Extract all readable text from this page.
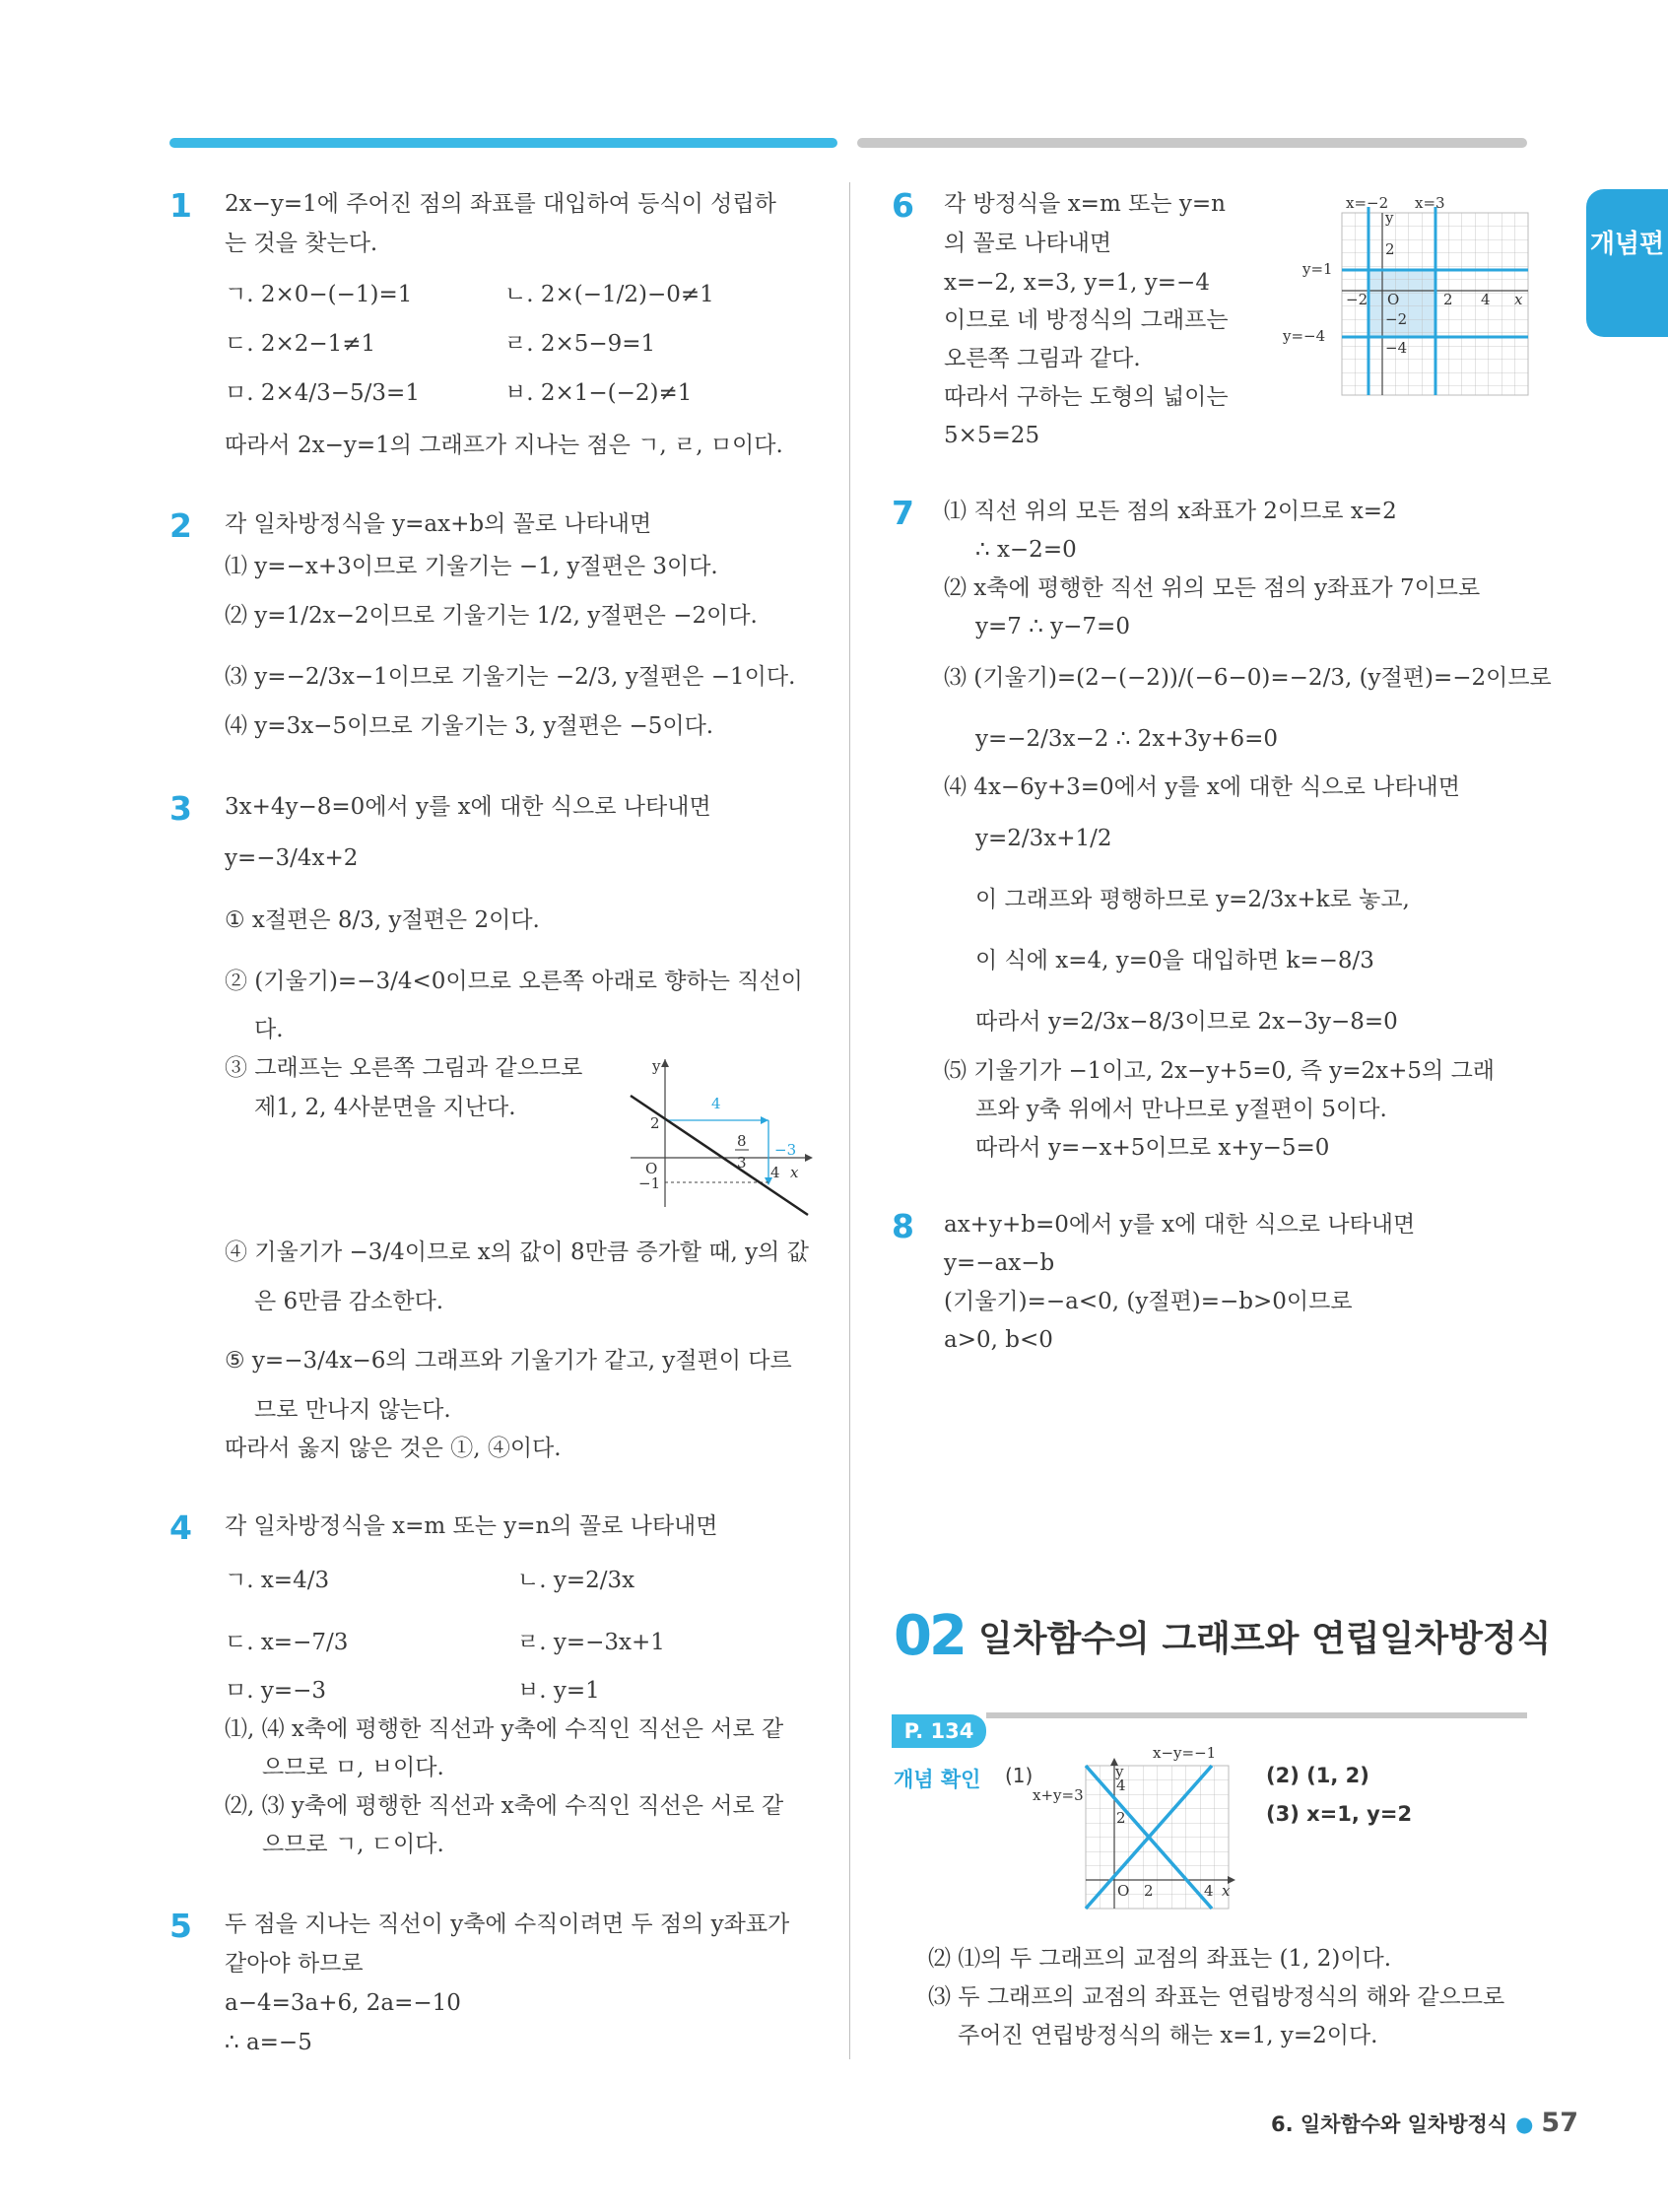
개념편
1 2x−y=1에 주어진 점의 좌표를 대입하여 등식이 성립하
는 것을 찾는다.
ㄱ. 2×0−(−1)=1	ㄴ. 2×(−1/2)−0≠1
ㄷ. 2×2−1≠1	ㄹ. 2×5−9=1
ㅁ. 2×4/3−5/3=1	ㅂ. 2×1−(−2)≠1
따라서 2x−y=1의 그래프가 지나는 점은 ㄱ, ㄹ, ㅁ이다.
2 각 일차방정식을 y=ax+b의 꼴로 나타내면
⑴ y=−x+3이므로 기울기는 −1, y절편은 3이다.
⑵ y=1/2x−2이므로 기울기는 1/2, y절편은 −2이다.
⑶ y=−2/3x−1이므로 기울기는 −2/3, y절편은 −1이다.
⑷ y=3x−5이므로 기울기는 3, y절편은 −5이다.
3 3x+4y−8=0에서 y를 x에 대한 식으로 나타내면
y=−3/4x+2
① x절편은 8/3, y절편은 2이다.
② (기울기)=−3/4<0이므로 오른쪽 아래로 향하는 직선이
다.
③ 그래프는 오른쪽 그림과 같으므로
제1, 2, 4사분면을 지난다.
y
O
2
−1
4
8
3
−3
4 x
④ 기울기가 −3/4이므로 x의 값이 8만큼 증가할 때, y의 값
은 6만큼 감소한다.
⑤ y=−3/4x−6의 그래프와 기울기가 같고, y절편이 다르
므로 만나지 않는다.
따라서 옳지 않은 것은 ①, ④이다.
4 각 일차방정식을 x=m 또는 y=n의 꼴로 나타내면
ㄱ. x=4/3	ㄴ. y=2/3x
ㄷ. x=−7/3	ㄹ. y=−3x+1
ㅁ. y=−3	ㅂ. y=1
⑴, ⑷ x축에 평행한 직선과 y축에 수직인 직선은 서로 같
으므로 ㅁ, ㅂ이다.
⑵, ⑶ y축에 평행한 직선과 x축에 수직인 직선은 서로 같
으므로 ㄱ, ㄷ이다.
5 두 점을 지나는 직선이 y축에 수직이려면 두 점의 y좌표가
같아야 하므로
a−4=3a+6, 2a=−10
∴ a=−5
6 각 방정식을 x=m 또는 y=n
의 꼴로 나타내면
x=−2, x=3, y=1, y=−4
이므로 네 방정식의 그래프는
오른쪽 그림과 같다.
따라서 구하는 도형의 넓이는
5×5=25
x=−2 x=3
y
y=1
y=−4
2
−2 O	2 4 x
−2
−4
7 ⑴ 직선 위의 모든 점의 x좌표가 2이므로 x=2
∴ x−2=0
⑵ x축에 평행한 직선 위의 모든 점의 y좌표가 7이므로
y=7 ∴ y−7=0
⑶ (기울기)=(2−(−2))/(−6−0)=−2/3, (y절편)=−2이므로
y=−2/3x−2 ∴ 2x+3y+6=0
⑷ 4x−6y+3=0에서 y를 x에 대한 식으로 나타내면
y=2/3x+1/2
이 그래프와 평행하므로 y=2/3x+k로 놓고,
이 식에 x=4, y=0을 대입하면 k=−8/3
따라서 y=2/3x−8/3이므로 2x−3y−8=0
⑸ 기울기가 −1이고, 2x−y+5=0, 즉 y=2x+5의 그래
프와 y축 위에서 만나므로 y절편이 5이다.
따라서 y=−x+5이므로 x+y−5=0
8 ax+y+b=0에서 y를 x에 대한 식으로 나타내면
y=−ax−b
(기울기)=−a<0, (y절편)=−b>0이므로
a>0, b<0
02 일차함수의 그래프와 연립일차방정식
P. 134
개념 확인 (1)
x−y=−1
x+y=3
y
4
2
O 2	4 x
(2) (1, 2)
(3) x=1, y=2
⑵ ⑴의 두 그래프의 교점의 좌표는 (1, 2)이다.
⑶ 두 그래프의 교점의 좌표는 연립방정식의 해와 같으므로
주어진 연립방정식의 해는 x=1, y=2이다.
6. 일차함수와 일차방정식 ● 57
